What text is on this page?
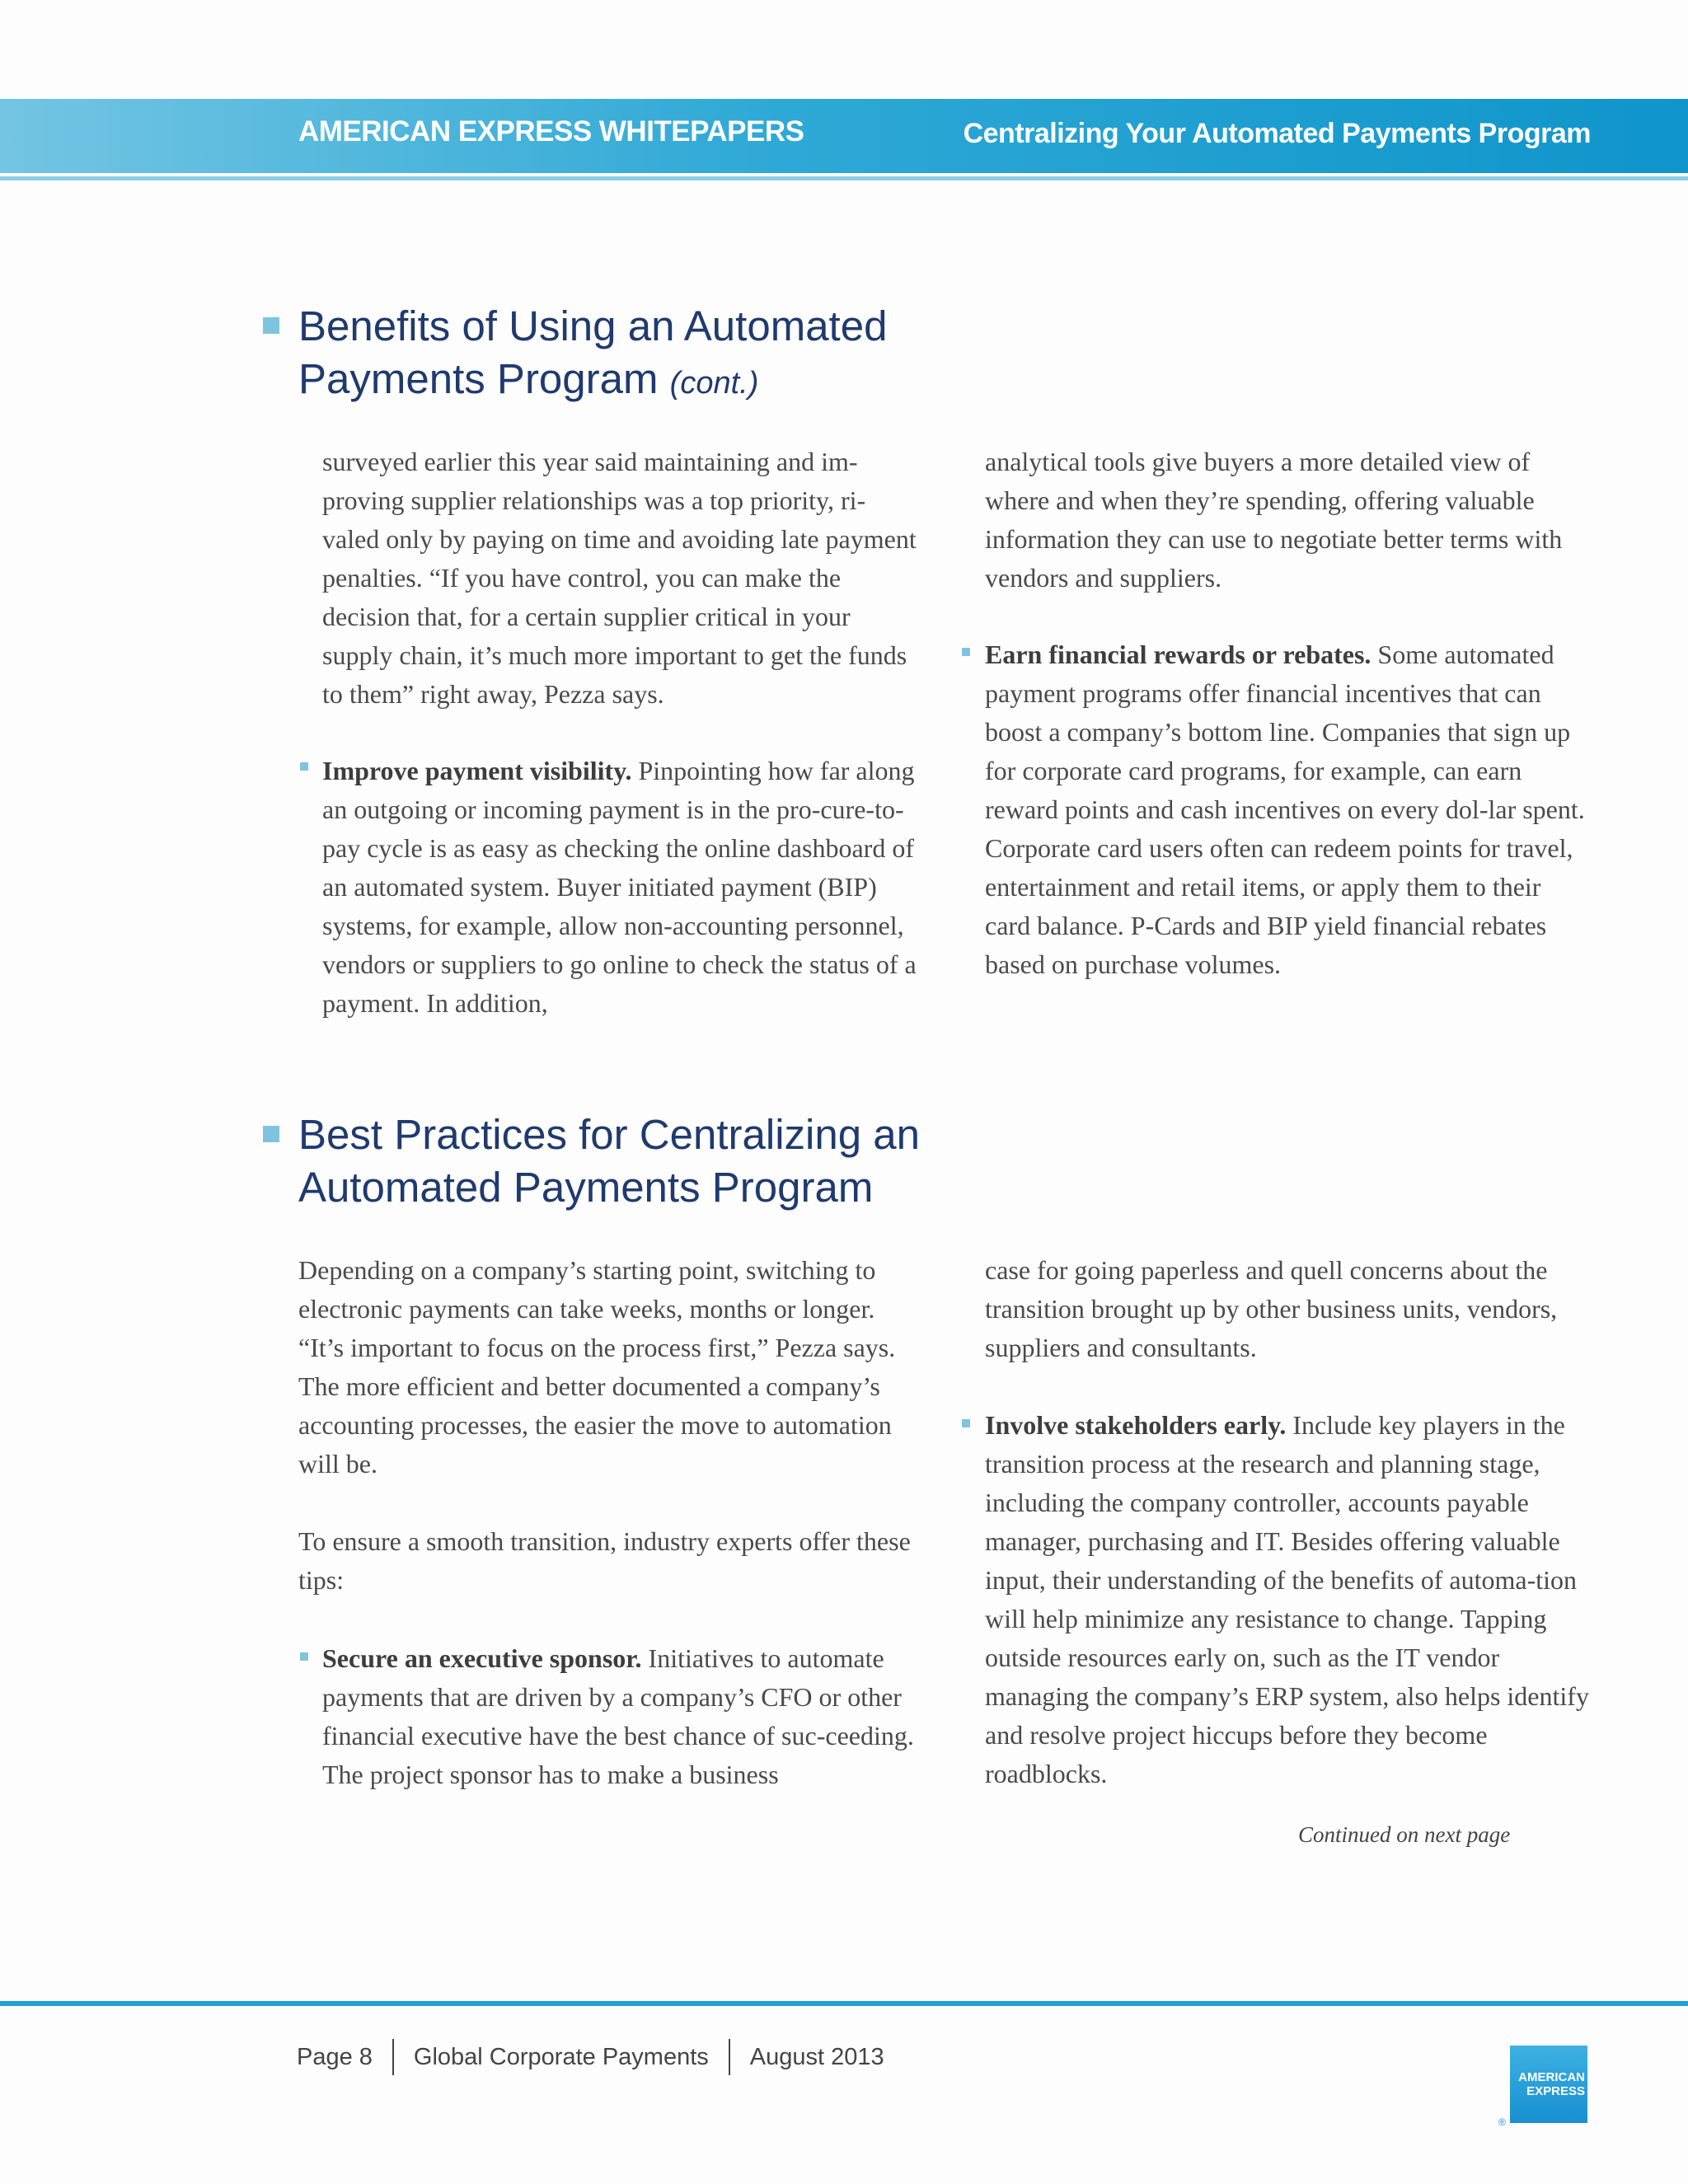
AMERICAN EXPRESS WHITEPAPERS	Centralizing Your Automated Payments Program
Benefits of Using an Automated
Payments Program (cont.)

surveyed earlier this year said maintaining and im-proving supplier relationships was a top priority, ri-valed only by paying on time and avoiding late payment penalties. “If you have control, you can make the decision that, for a certain supplier critical in your supply chain, it’s much more important to get the funds to them” right away, Pezza says.

Improve payment visibility. Pinpointing how far along an outgoing or incoming payment is in the pro-cure-to-pay cycle is as easy as checking the online dashboard of an automated system. Buyer initiated payment (BIP) systems, for example, allow non-accounting personnel, vendors or suppliers to go online to check the status of a payment. In addition,

analytical tools give buyers a more detailed view of where and when they’re spending, offering valuable information they can use to negotiate better terms with vendors and suppliers.

Earn financial rewards or rebates. Some automated payment programs offer financial incentives that can boost a company’s bottom line. Companies that sign up for corporate card programs, for example, can earn reward points and cash incentives on every dol-lar spent. Corporate card users often can redeem points for travel, entertainment and retail items, or apply them to their card balance. P-Cards and BIP yield financial rebates based on purchase volumes.

Best Practices for Centralizing an
Automated Payments Program

Depending on a company’s starting point, switching to electronic payments can take weeks, months or longer. “It’s important to focus on the process first,” Pezza says. The more efficient and better documented a company’s accounting processes, the easier the move to automation will be.

To ensure a smooth transition, industry experts offer these tips:

Secure an executive sponsor. Initiatives to automate payments that are driven by a company’s CFO or other financial executive have the best chance of suc-ceeding. The project sponsor has to make a business

case for going paperless and quell concerns about the transition brought up by other business units, vendors, suppliers and consultants.

Involve stakeholders early. Include key players in the transition process at the research and planning stage, including the company controller, accounts payable manager, purchasing and IT. Besides offering valuable input, their understanding of the benefits of automa-tion will help minimize any resistance to change. Tapping outside resources early on, such as the IT vendor managing the company’s ERP system, also helps identify and resolve project hiccups before they become roadblocks.

Continued on next page
Page 8 Global Corporate Payments August 2013
AMERICAN
EXPRESS
®
